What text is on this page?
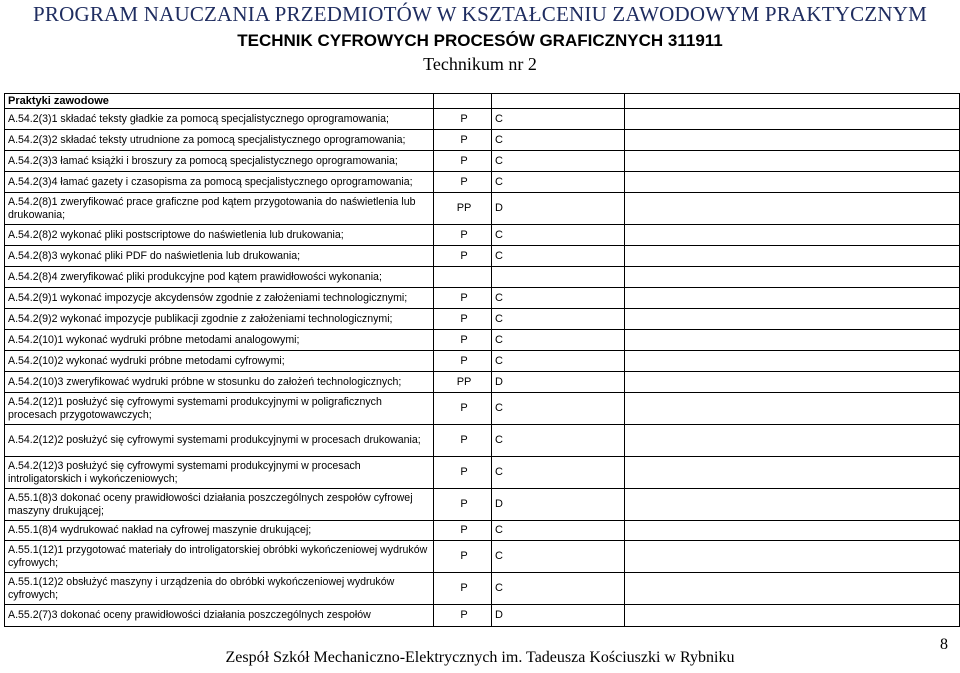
PROGRAM NAUCZANIA PRZEDMIOTÓW W KSZTAŁCENIU ZAWODOWYM PRAKTYCZNYM
TECHNIK CYFROWYCH PROCESÓW GRAFICZNYCH 311911
Technikum nr 2
Praktyki zawodowe			
A.54.2(3)1 składać teksty gładkie za pomocą specjalistycznego oprogramowania;	P	C	
A.54.2(3)2 składać teksty utrudnione za pomocą specjalistycznego oprogramowania;	P	C	
A.54.2(3)3 łamać książki i broszury za pomocą specjalistycznego oprogramowania;	P	C	
A.54.2(3)4 łamać gazety i czasopisma za pomocą specjalistycznego oprogramowania;	P	C	
A.54.2(8)1 zweryfikować prace graficzne pod kątem przygotowania do naświetlenia lub drukowania;	PP	D	
A.54.2(8)2 wykonać pliki postscriptowe do naświetlenia lub drukowania;	P	C	
A.54.2(8)3 wykonać pliki PDF do naświetlenia lub drukowania;	P	C	
A.54.2(8)4 zweryfikować pliki produkcyjne pod kątem prawidłowości wykonania;			
A.54.2(9)1 wykonać impozycje akcydensów zgodnie z założeniami technologicznymi;	P	C	
A.54.2(9)2 wykonać impozycje publikacji zgodnie z założeniami technologicznymi;	P	C	
A.54.2(10)1 wykonać wydruki próbne metodami analogowymi;	P	C	
A.54.2(10)2 wykonać wydruki próbne metodami cyfrowymi;	P	C	
A.54.2(10)3 zweryfikować wydruki próbne w stosunku do założeń technologicznych;	PP	D	
A.54.2(12)1 posłużyć się cyfrowymi systemami produkcyjnymi w poligraficznych procesach przygotowawczych;	P	C	
A.54.2(12)2 posłużyć się cyfrowymi systemami produkcyjnymi w procesach drukowania;	P	C	
A.54.2(12)3 posłużyć się cyfrowymi systemami produkcyjnymi w procesach introligatorskich i wykończeniowych;	P	C	
A.55.1(8)3 dokonać oceny prawidłowości działania poszczególnych zespołów cyfrowej maszyny drukującej;	P	D	
A.55.1(8)4 wydrukować nakład na cyfrowej maszynie drukującej;	P	C	
A.55.1(12)1 przygotować materiały do introligatorskiej obróbki wykończeniowej wydruków cyfrowych;	P	C	
A.55.1(12)2 obsłużyć maszyny i urządzenia do obróbki wykończeniowej wydruków cyfrowych;	P	C	
A.55.2(7)3 dokonać oceny prawidłowości działania poszczególnych zespołów	P	D	
8
Zespół Szkół Mechaniczno-Elektrycznych im. Tadeusza Kościuszki w Rybniku
